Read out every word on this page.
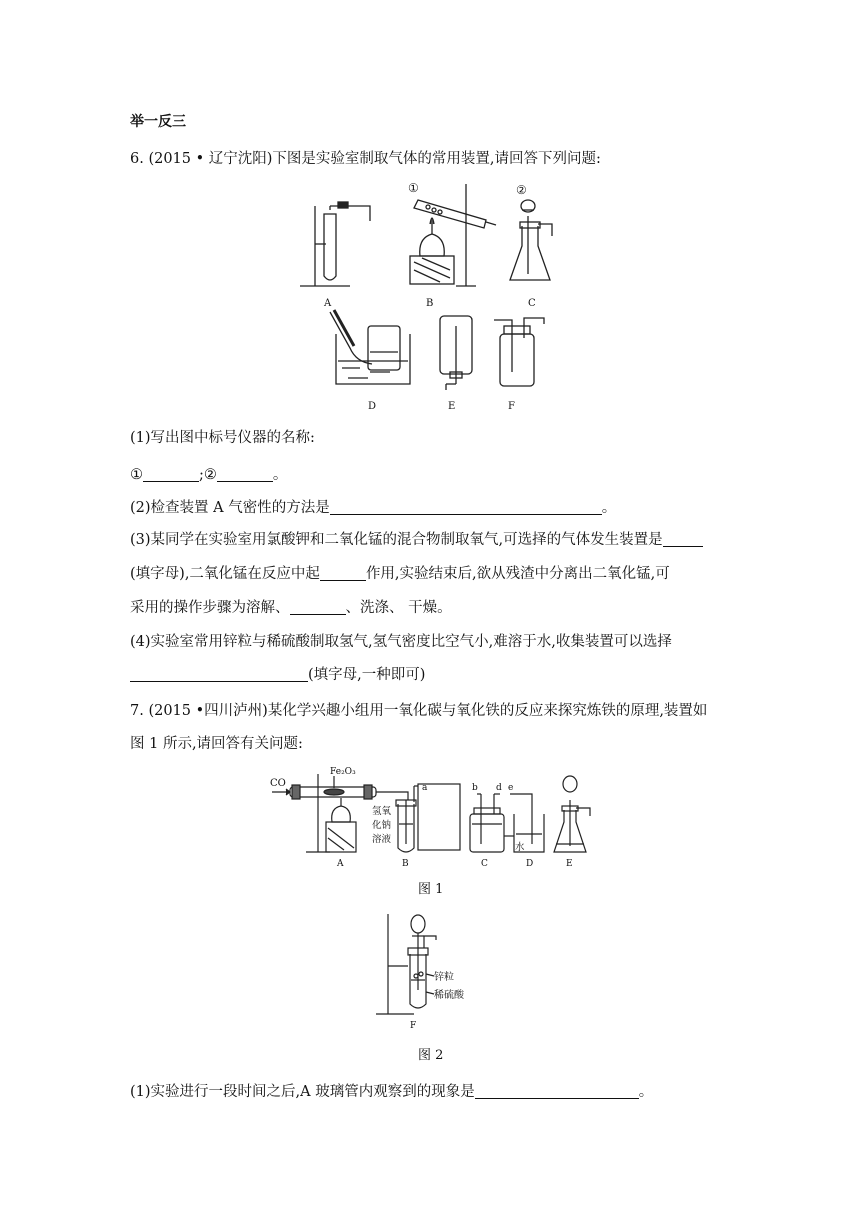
举一反三
6. (2015 • 辽宁沈阳)下图是实验室制取气体的常用装置,请回答下列问题:
A	B	C
D	E	F
①	②
(1)写出图中标号仪器的名称:
①	;②	。
(2)检查装置 A 气密性的方法是	。
(3)某同学在实验室用氯酸钾和二氧化锰的混合物制取氧气,可选择的气体发生装置是
(填字母),二氧化锰在反应中起	作用,实验结束后,欲从残渣中分离出二氧化锰,可
采用的操作步骤为溶解、	、洗涤、 干燥。
(4)实验室常用锌粒与稀硫酸制取氢气,氢气密度比空气小,难溶于水,收集装置可以选择
(填字母,一种即可)
7. (2015 •四川泸州)某化学兴趣小组用一氧化碳与氧化铁的反应来探究炼铁的原理,装置如
图 1 所示,请回答有关问题:
CO
Fe₂O₃
氢氧
化钠
溶液
a	b d e
水
A	B	C	D	E
图 1
锌粒
稀硫酸
F
图 2
(1)实验进行一段时间之后,A 玻璃管内观察到的现象是	。
